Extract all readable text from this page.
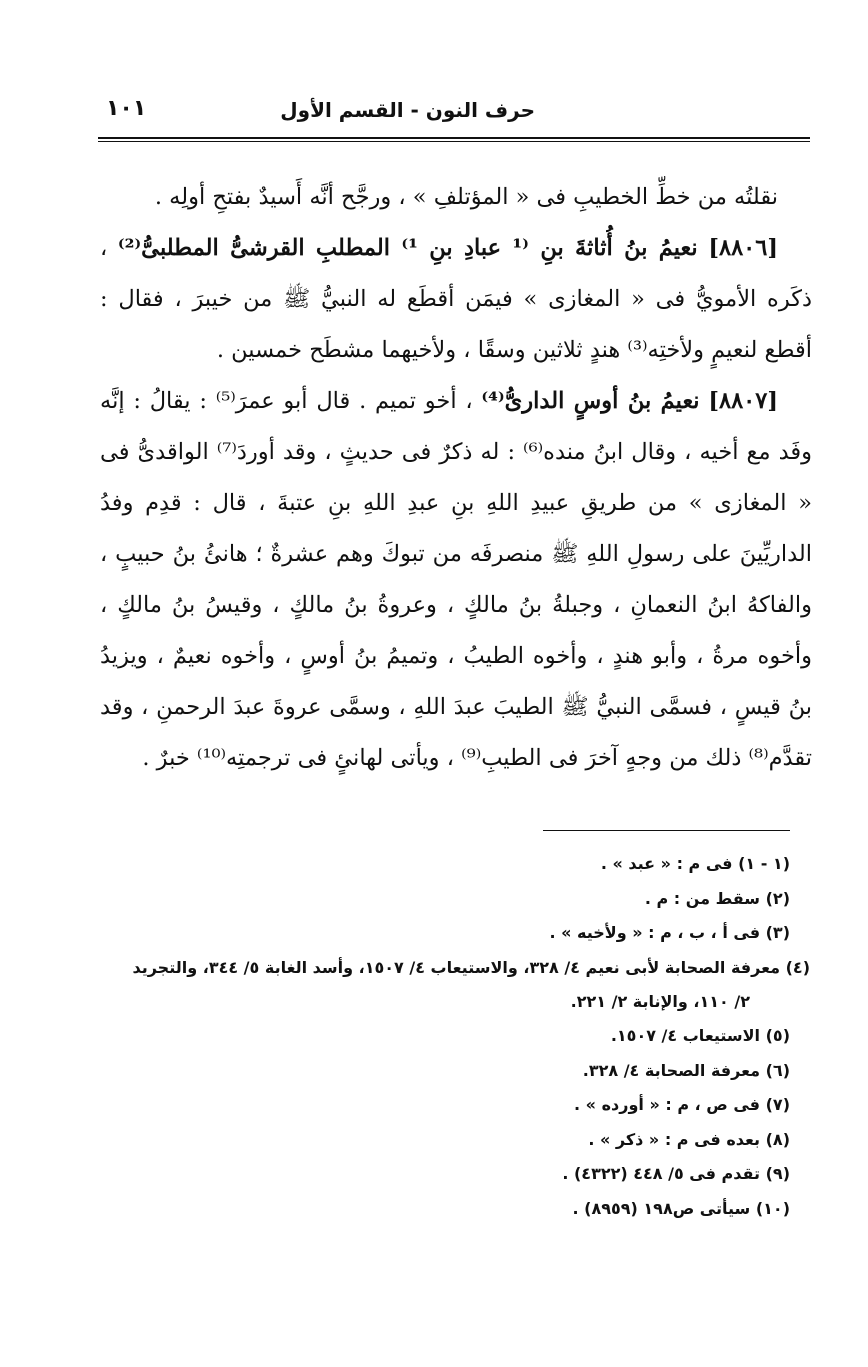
حرف النون - القسم الأول
١٠١

نقلتُه من خطِّ الخطيبِ فى « المؤتلفِ » ، ورجَّح أنَّه أَسيدٌ بفتحِ أولِه .

[٨٨٠٦] نعيمُ بنُ أُثاثةَ بنِ ⁽¹ عبادِ بنِ ¹⁾ المطلبِ القرشىُّ المطلبىُّ⁽²⁾ ، ذكَره الأمويُّ فى « المغازى » فيمَن أقطَع له النبيُّ ﷺ من خيبرَ ، فقال : أقطع لنعيمٍ ولأختِه⁽³⁾ هندٍ ثلاثين وسقًا ، ولأخيهما مشطَح خمسين .

[٨٨٠٧] نعيمُ بنُ أوسٍ الدارىُّ⁽⁴⁾ ، أخو تميم . قال أبو عمرَ⁽⁵⁾ : يقالُ : إنَّه وفَد مع أخيه ، وقال ابنُ منده⁽⁶⁾ : له ذكرٌ فى حديثٍ ، وقد أوردَ⁽⁷⁾ الواقدىُّ فى « المغازى » من طريقِ عبيدِ اللهِ بنِ عبدِ اللهِ بنِ عتبةَ ، قال : قدِم وفدُ الداريِّينَ على رسولِ اللهِ ﷺ منصرفَه من تبوكَ وهم عشرةٌ ؛ هانئُ بنُ حبيبٍ ، والفاكهُ ابنُ النعمانِ ، وجبلةُ بنُ مالكٍ ، وعروةُ بنُ مالكٍ ، وقيسُ بنُ مالكٍ ، وأخوه مرةُ ، وأبو هندٍ ، وأخوه الطيبُ ، وتميمُ بنُ أوسٍ ، وأخوه نعيمٌ ، ويزيدُ بنُ قيسٍ ، فسمَّى النبيُّ ﷺ الطيبَ عبدَ اللهِ ، وسمَّى عروةَ عبدَ الرحمنِ ، وقد تقدَّم⁽⁸⁾ ذلك من وجهٍ آخرَ فى الطيبِ⁽⁹⁾ ، ويأتى لهانئٍ فى ترجمتِه⁽¹⁰⁾ خبرٌ .

(١ - ١) فى م : « عبد » .

(٢) سقط من : م .

(٣) فى أ ، ب ، م : « ولأخيه » .

(٤) معرفة الصحابة لأبى نعيم ٤/ ٣٢٨، والاستيعاب ٤/ ١٥٠٧، وأسد الغابة ٥/ ٣٤٤، والتجريد

٢/ ١١٠، والإنابة ٢/ ٢٢١.

(٥) الاستيعاب ٤/ ١٥٠٧.

(٦) معرفة الصحابة ٤/ ٣٢٨.

(٧) فى ص ، م : « أورده » .

(٨) بعده فى م : « ذكر » .

(٩) تقدم فى ٥/ ٤٤٨ (٤٣٢٢) .

(١٠) سيأتى ص١٩٨ (٨٩٥٩) .
